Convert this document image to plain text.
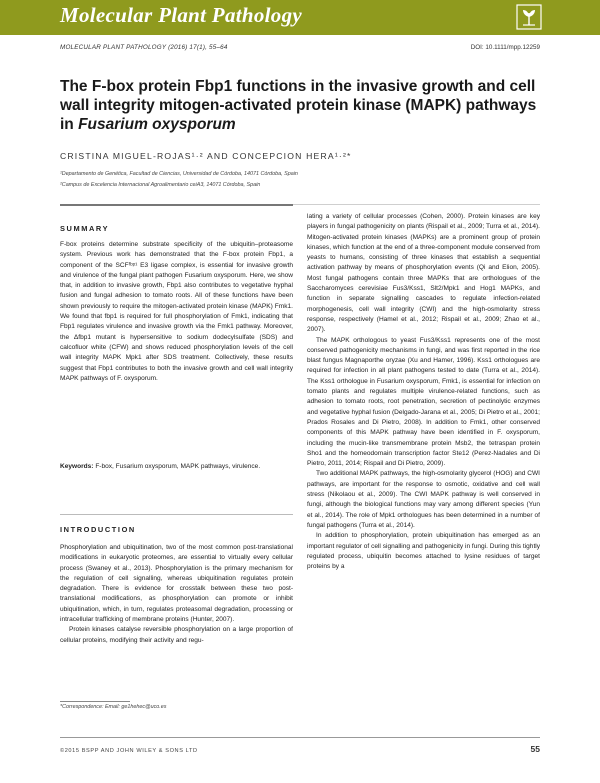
Molecular Plant Pathology
MOLECULAR PLANT PATHOLOGY (2016) 17(1), 55–64	DOI: 10.1111/mpp.12259
The F-box protein Fbp1 functions in the invasive growth and cell wall integrity mitogen-activated protein kinase (MAPK) pathways in Fusarium oxysporum
CRISTINA MIGUEL-ROJAS¹·² AND CONCEPCION HERA¹·²*
¹Departamento de Genética, Facultad de Ciencias, Universidad de Córdoba, 14071 Córdoba, Spain
²Campus de Excelencia Internacional Agroalimentario ceiA3, 14071 Córdoba, Spain
SUMMARY

F-box proteins determine substrate specificity of the ubiquitin–proteasome system. Previous work has demonstrated that the F-box protein Fbp1, a component of the SCFᶠᵇᵖ¹ E3 ligase complex, is essential for invasive growth and virulence of the fungal plant pathogen Fusarium oxysporum. Here, we show that, in addition to invasive growth, Fbp1 also contributes to vegetative hyphal fusion and fungal adhesion to tomato roots. All of these functions have been shown previously to require the mitogen-activated protein kinase (MAPK) Fmk1. We found that fbp1 is required for full phosphorylation of Fmk1, indicating that Fbp1 regulates virulence and invasive growth via the Fmk1 pathway. Moreover, the Δfbp1 mutant is hypersensitive to sodium dodecylsulfate (SDS) and calcofluor white (CFW) and shows reduced phosphorylation levels of the cell wall integrity MAPK Mpk1 after SDS treatment. Collectively, these results suggest that Fbp1 contributes to both the invasive growth and cell wall integrity MAPK pathways of F. oxysporum.

Keywords: F-box, Fusarium oxysporum, MAPK pathways, virulence.
INTRODUCTION

Phosphorylation and ubiquitination, two of the most common post-translational modifications in eukaryotic proteomes, are essential to virtually every cellular process (Swaney et al., 2013). Phosphorylation is the primary mechanism for the regulation of cell signalling, whereas ubiquitination regulates protein degradation. There is evidence for crosstalk between these two post-translational modifications, as phosphorylation can promote or inhibit ubiquitination, which, in turn, regulates proteasomal degradation, processing or intracellular trafficking of membrane proteins (Hunter, 2007).

Protein kinases catalyse reversible phosphorylation on a large proportion of cellular proteins, modifying their activity and regu-

*Correspondence: Email: ge1hehec@uco.es

lating a variety of cellular processes (Cohen, 2000). Protein kinases are key players in fungal pathogenicity on plants (Rispail et al., 2009; Turra et al., 2014). Mitogen-activated protein kinases (MAPKs) are a prominent group of protein kinases, which function at the end of a three-component module conserved from yeasts to humans, consisting of three kinases that establish a sequential activation pathway by means of phosphorylation events (Qi and Elion, 2005). Most fungal pathogens contain three MAPKs that are orthologues of the Saccharomyces cerevisiae Fus3/Kss1, Slt2/Mpk1 and Hog1 MAPKs, and function in separate signalling cascades to regulate infection-related morphogenesis, cell wall integrity (CWI) and the high-osmolarity stress response, respectively (Hamel et al., 2012; Rispail et al., 2009; Zhao et al., 2007).

The MAPK orthologous to yeast Fus3/Kss1 represents one of the most conserved pathogenicity mechanisms in fungi, and was first reported in the rice blast fungus Magnaporthe oryzae (Xu and Hamer, 1996). Kss1 orthologues are required for infection in all plant pathogens tested to date (Turra et al., 2014). The Kss1 orthologue in Fusarium oxysporum, Fmk1, is essential for infection on tomato plants and regulates multiple virulence-related functions, such as adhesion to tomato roots, root penetration, secretion of pectinolytic enzymes and vegetative hyphal fusion (Delgado-Jarana et al., 2005; Di Pietro et al., 2001; Prados Rosales and Di Pietro, 2008). In addition to Fmk1, other conserved components of this MAPK pathway have been identified in F. oxysporum, including the mucin-like transmembrane protein Msb2, the tetraspan protein Sho1 and the homeodomain transcription factor Ste12 (Perez-Nadales and Di Pietro, 2011, 2014; Rispail and Di Pietro, 2009).

Two additional MAPK pathways, the high-osmolarity glycerol (HOG) and CWI pathways, are important for the response to osmotic, oxidative and cell wall stress (Nikolaou et al., 2009). The CWI MAPK pathway is well conserved in fungi, although the biological functions may vary among different species (Yun et al., 2014). The role of Mpk1 orthologues has been determined in a number of fungal pathogens (Turra et al., 2014).

In addition to phosphorylation, protein ubiquitination has emerged as an important regulator of cell signalling and pathogenicity in fungi. During this tightly regulated process, ubiquitin becomes attached to lysine residues of target proteins by a

©2015 BSPP AND JOHN WILEY & SONS LTD	55
